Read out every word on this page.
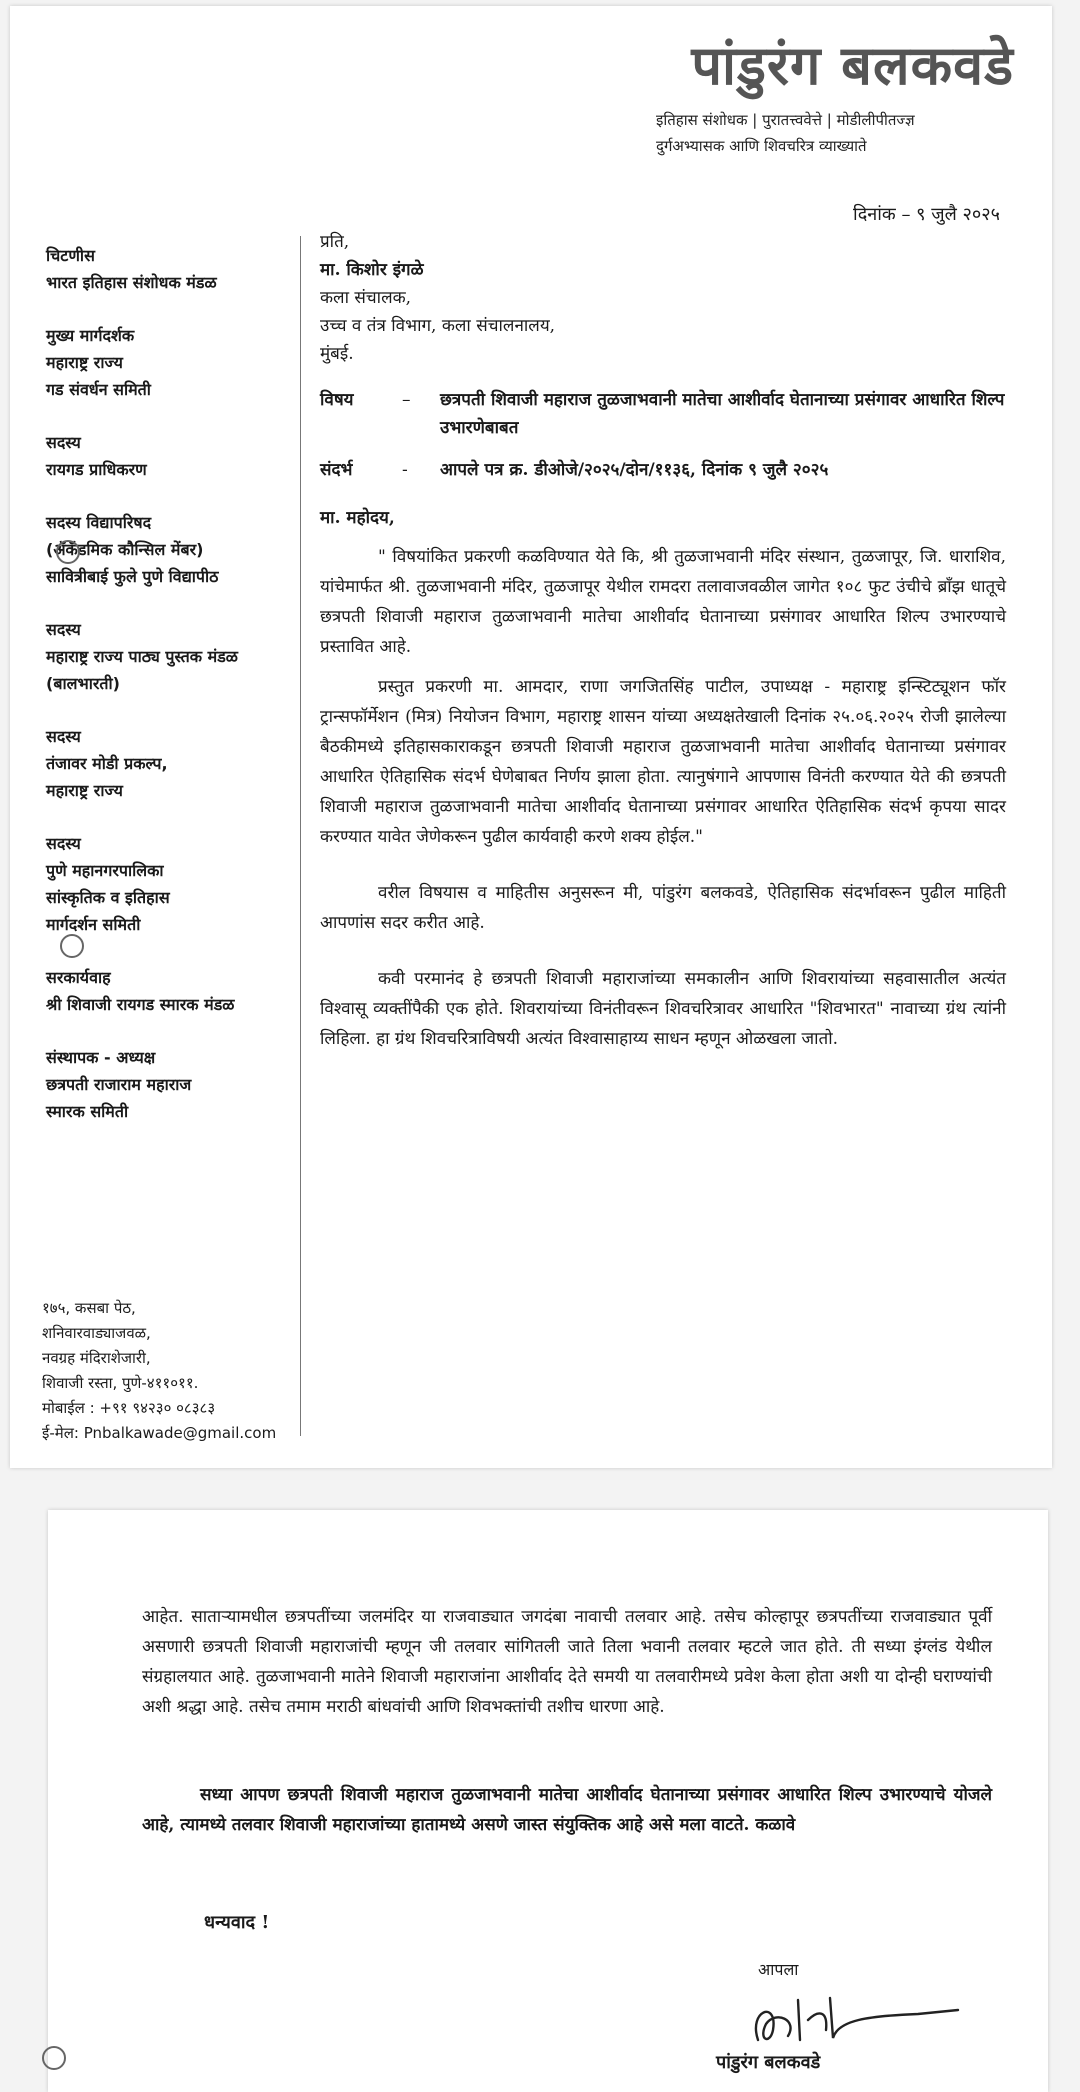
पांडुरंग बलकवडे
इतिहास संशोधक | पुरातत्त्ववेत्ते | मोडीलीपीतज्ज्ञ
दुर्गअभ्यासक आणि शिवचरित्र व्याख्याते
दिनांक – ९ जुलै २०२५
चिटणीस
भारत इतिहास संशोधक मंडळ
मुख्य मार्गदर्शक
महाराष्ट्र राज्य
गड संवर्धन समिती
सदस्य
रायगड प्राधिकरण
सदस्य विद्यापरिषद
(ॲकॅडमिक कौन्सिल मेंबर)
सावित्रीबाई फुले पुणे विद्यापीठ
सदस्य
महाराष्ट्र राज्य पाठ्य पुस्तक मंडळ
(बालभारती)
सदस्य
तंजावर मोडी प्रकल्प,
महाराष्ट्र राज्य
सदस्य
पुणे महानगरपालिका
सांस्कृतिक व इतिहास
मार्गदर्शन समिती
सरकार्यवाह
श्री शिवाजी रायगड स्मारक मंडळ
संस्थापक - अध्यक्ष
छत्रपती राजाराम महाराज
स्मारक समिती
१७५, कसबा पेठ,
शनिवारवाड्याजवळ,
नवग्रह मंदिराशेजारी,
शिवाजी रस्ता, पुणे-४११०११.
मोबाईल : +९१ ९४२३० ०८३८३
ई-मेल: Pnbalkawade@gmail.com
प्रति,
मा. किशोर इंगळे
कला संचालक,
उच्च व तंत्र विभाग, कला संचालनालय,
मुंबई.
विषय	–	छत्रपती शिवाजी महाराज तुळजाभवानी मातेचा आशीर्वाद घेतानाच्या प्रसंगावर आधारित शिल्प उभारणेबाबत
संदर्भ	-	आपले पत्र क्र. डीओजे/२०२५/दोन/११३६, दिनांक ९ जुलै २०२५
मा. महोदय,

" विषयांकित प्रकरणी कळविण्यात येते कि, श्री तुळजाभवानी मंदिर संस्थान, तुळजापूर, जि. धाराशिव, यांचेमार्फत श्री. तुळजाभवानी मंदिर, तुळजापूर येथील रामदरा तलावाजवळील जागेत १०८ फुट उंचीचे ब्राँझ धातूचे छत्रपती शिवाजी महाराज तुळजाभवानी मातेचा आशीर्वाद घेतानाच्या प्रसंगावर आधारित शिल्प उभारण्याचे प्रस्तावित आहे.

प्रस्तुत प्रकरणी मा. आमदार, राणा जगजितसिंह पाटील, उपाध्यक्ष - महाराष्ट्र इन्स्टिट्यूशन फॉर ट्रान्सफॉर्मेशन (मित्र) नियोजन विभाग, महाराष्ट्र शासन यांच्या अध्यक्षतेखाली दिनांक २५.०६.२०२५ रोजी झालेल्या बैठकीमध्ये इतिहासकाराकडून छत्रपती शिवाजी महाराज तुळजाभवानी मातेचा आशीर्वाद घेतानाच्या प्रसंगावर आधारित ऐतिहासिक संदर्भ घेणेबाबत निर्णय झाला होता. त्यानुषंगाने आपणास विनंती करण्यात येते की छत्रपती शिवाजी महाराज तुळजाभवानी मातेचा आशीर्वाद घेतानाच्या प्रसंगावर आधारित ऐतिहासिक संदर्भ कृपया सादर करण्यात यावेत जेणेकरून पुढील कार्यवाही करणे शक्य होईल."

वरील विषयास व माहितीस अनुसरून मी, पांडुरंग बलकवडे, ऐतिहासिक संदर्भावरून पुढील माहिती आपणांस सदर करीत आहे.

कवी परमानंद हे छत्रपती शिवाजी महाराजांच्या समकालीन आणि शिवरायांच्या सहवासातील अत्यंत विश्वासू व्यक्तींपैकी एक होते. शिवरायांच्या विनंतीवरून शिवचरित्रावर आधारित "शिवभारत" नावाच्या ग्रंथ त्यांनी लिहिला. हा ग्रंथ शिवचरित्राविषयी अत्यंत विश्वासाहाय्य साधन म्हणून ओळखला जातो.

आहेत. साताऱ्यामधील छत्रपतींच्या जलमंदिर या राजवाड्यात जगदंबा नावाची तलवार आहे. तसेच कोल्हापूर छत्रपतींच्या राजवाड्यात पूर्वी असणारी छत्रपती शिवाजी महाराजांची म्हणून जी तलवार सांगितली जाते तिला भवानी तलवार म्हटले जात होते. ती सध्या इंग्लंड येथील संग्रहालयात आहे. तुळजाभवानी मातेने शिवाजी महाराजांना आशीर्वाद देते समयी या तलवारीमध्ये प्रवेश केला होता अशी या दोन्ही घराण्यांची अशी श्रद्धा आहे. तसेच तमाम मराठी बांधवांची आणि शिवभक्तांची तशीच धारणा आहे.

सध्या आपण छत्रपती शिवाजी महाराज तुळजाभवानी मातेचा आशीर्वाद घेतानाच्या प्रसंगावर आधारित शिल्प उभारण्याचे योजले आहे, त्यामध्ये तलवार शिवाजी महाराजांच्या हातामध्ये असणे जास्त संयुक्तिक आहे असे मला वाटते. कळावे

धन्यवाद !
आपला
पांडुरंग बलकवडे
